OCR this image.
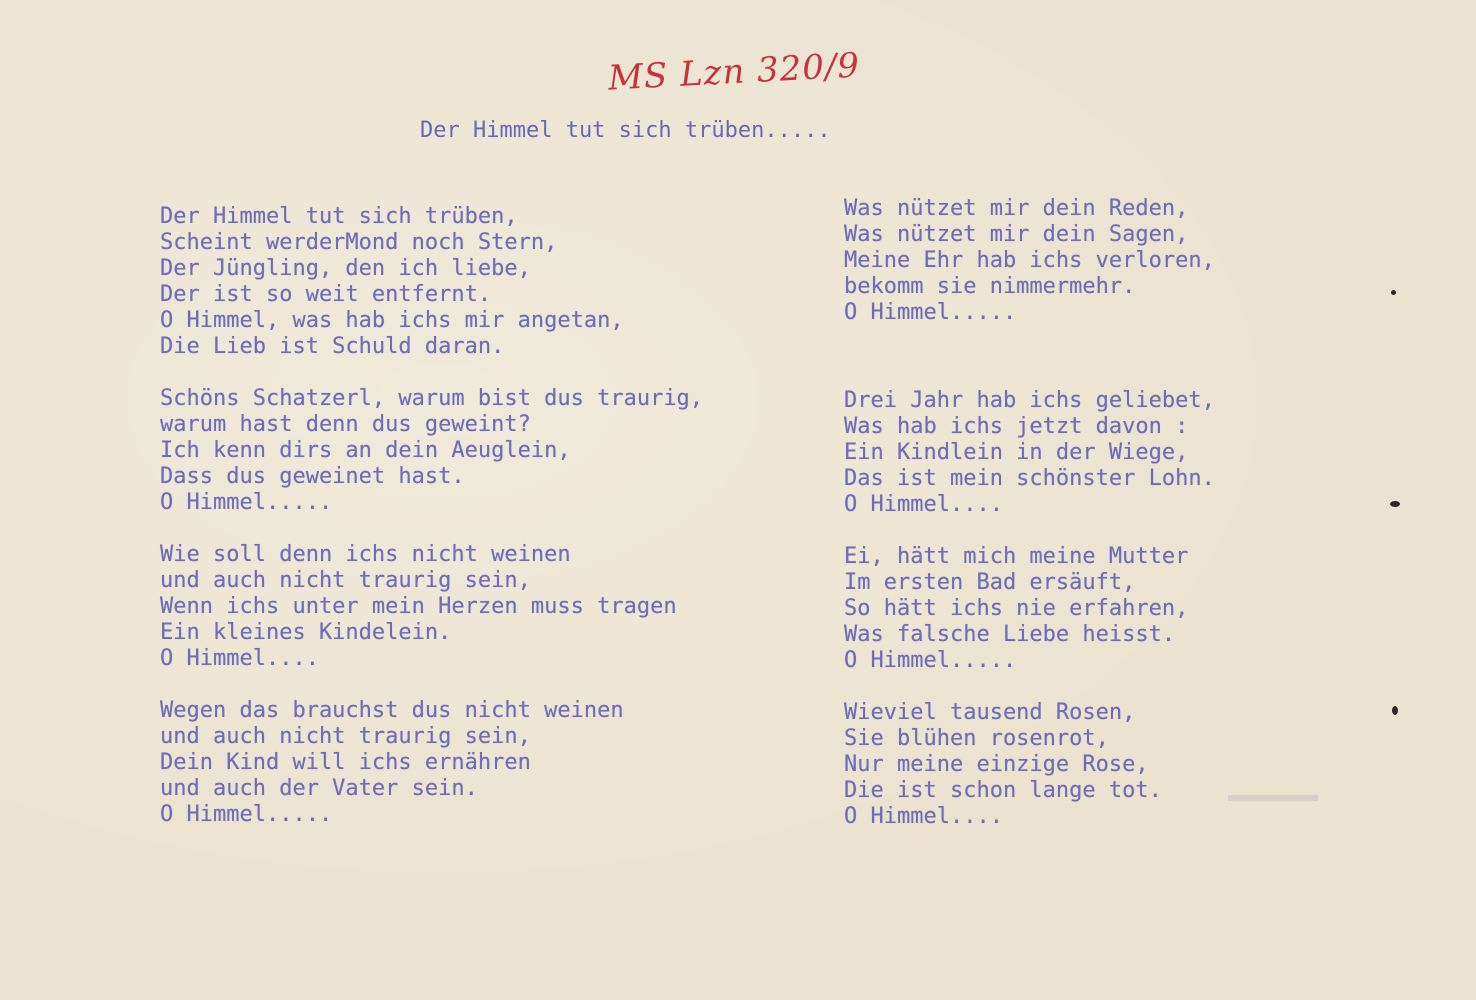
MS Lzn 320/9
Der Himmel tut sich trüben.....
Der Himmel tut sich trüben,
Scheint werderMond noch Stern,
Der Jüngling, den ich liebe,
Der ist so weit entfernt.
O Himmel, was hab ichs mir angetan,
Die Lieb ist Schuld daran.
Schöns Schatzerl, warum bist dus traurig,
warum hast denn dus geweint?
Ich kenn dirs an dein Aeuglein,
Dass dus geweinet hast.
O Himmel.....
Wie soll denn ichs nicht weinen
und auch nicht traurig sein,
Wenn ichs unter mein Herzen muss tragen
Ein kleines Kindelein.
O Himmel....
Wegen das brauchst dus nicht weinen
und auch nicht traurig sein,
Dein Kind will ichs ernähren
und auch der Vater sein.
O Himmel.....
Was nützet mir dein Reden,
Was nützet mir dein Sagen,
Meine Ehr hab ichs verloren,
bekomm sie nimmermehr.
O Himmel.....
Drei Jahr hab ichs geliebet,
Was hab ichs jetzt davon :
Ein Kindlein in der Wiege,
Das ist mein schönster Lohn.
O Himmel....
Ei, hätt mich meine Mutter
Im ersten Bad ersäuft,
So hätt ichs nie erfahren,
Was falsche Liebe heisst.
O Himmel.....
Wieviel tausend Rosen,
Sie blühen rosenrot,
Nur meine einzige Rose,
Die ist schon lange tot.
O Himmel....
